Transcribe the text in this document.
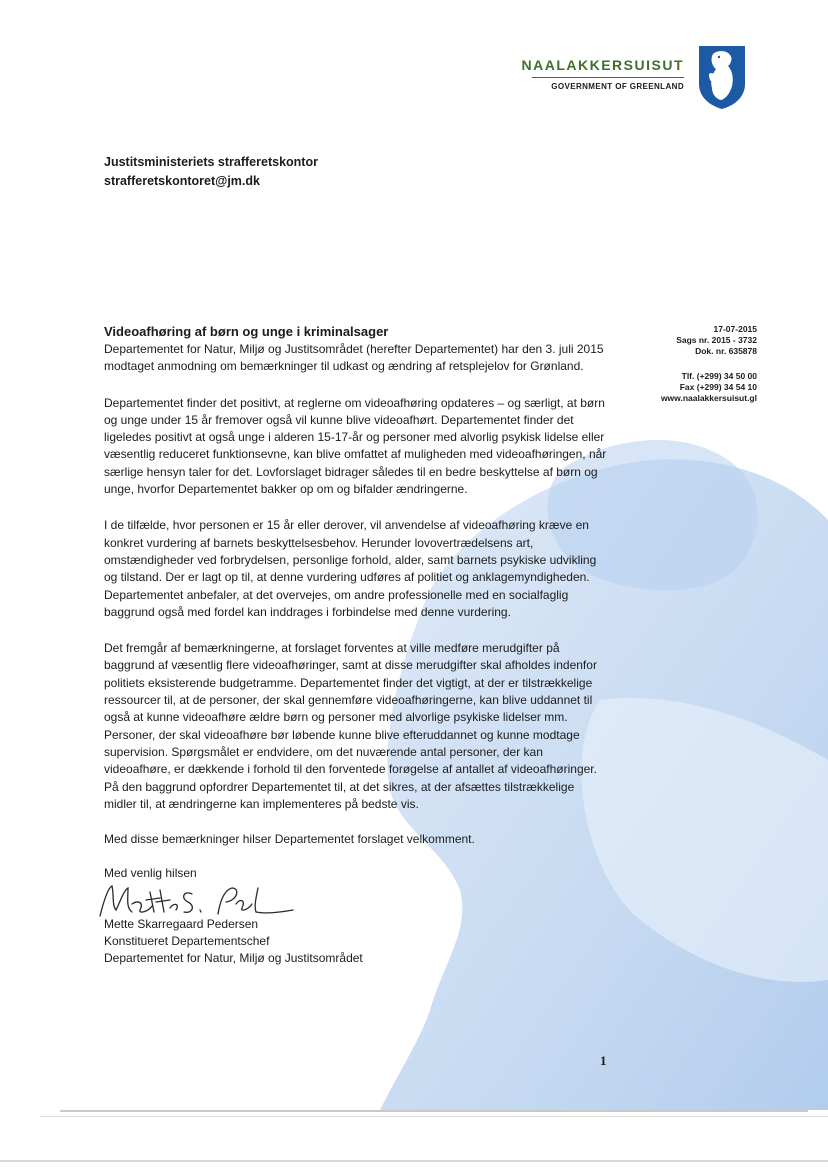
NAALAKKERSUISUT
GOVERNMENT OF GREENLAND
Justitsministeriets strafferetskontor
strafferetskontoret@jm.dk
17-07-2015
Sags nr. 2015 - 3732
Dok. nr. 635878
Tlf. (+299) 34 50 00
Fax (+299) 34 54 10
www.naalakkersuisut.gl
Videoafhøring af børn og unge i kriminalsager

Departementet for Natur, Miljø og Justitsområdet (herefter Departementet) har den 3. juli 2015 modtaget anmodning om bemærkninger til udkast og ændring af retsplejelov for Grønland.

Departementet finder det positivt, at reglerne om videoafhøring opdateres – og særligt, at børn og unge under 15 år fremover også vil kunne blive videoafhørt. Departementet finder det ligeledes positivt at også unge i alderen 15-17-år og personer med alvorlig psykisk lidelse eller væsentlig reduceret funktionsevne, kan blive omfattet af muligheden med videoafhøringen, når særlige hensyn taler for det. Lovforslaget bidrager således til en bedre beskyttelse af børn og unge, hvorfor Departementet bakker op om og bifalder ændringerne.

I de tilfælde, hvor personen er 15 år eller derover, vil anvendelse af videoafhøring kræve en konkret vurdering af barnets beskyttelsesbehov. Herunder lovovertrædelsens art, omstændigheder ved forbrydelsen, personlige forhold, alder, samt barnets psykiske udvikling og tilstand. Der er lagt op til, at denne vurdering udføres af politiet og anklagemyndigheden. Departementet anbefaler, at det overvejes, om andre professionelle med en socialfaglig baggrund også med fordel kan inddrages i forbindelse med denne vurdering.

Det fremgår af bemærkningerne, at forslaget forventes at ville medføre merudgifter på baggrund af væsentlig flere videoafhøringer, samt at disse merudgifter skal afholdes indenfor politiets eksisterende budgetramme. Departementet finder det vigtigt, at der er tilstrækkelige ressourcer til, at de personer, der skal gennemføre videoafhøringerne, kan blive uddannet til også at kunne videoafhøre ældre børn og personer med alvorlige psykiske lidelser mm. Personer, der skal videoafhøre bør løbende kunne blive efteruddannet og kunne modtage supervision. Spørgsmålet er endvidere, om det nuværende antal personer, der kan videoafhøre, er dækkende i forhold til den forventede forøgelse af antallet af videoafhøringer. På den baggrund opfordrer Departementet til, at det sikres, at der afsættes tilstrækkelige midler til, at ændringerne kan implementeres på bedste vis.

Med disse bemærkninger hilser Departementet forslaget velkomment.

Med venlig hilsen

Mette Skarregaard Pedersen

Konstitueret Departementschef

Departementet for Natur, Miljø og Justitsområdet

1
